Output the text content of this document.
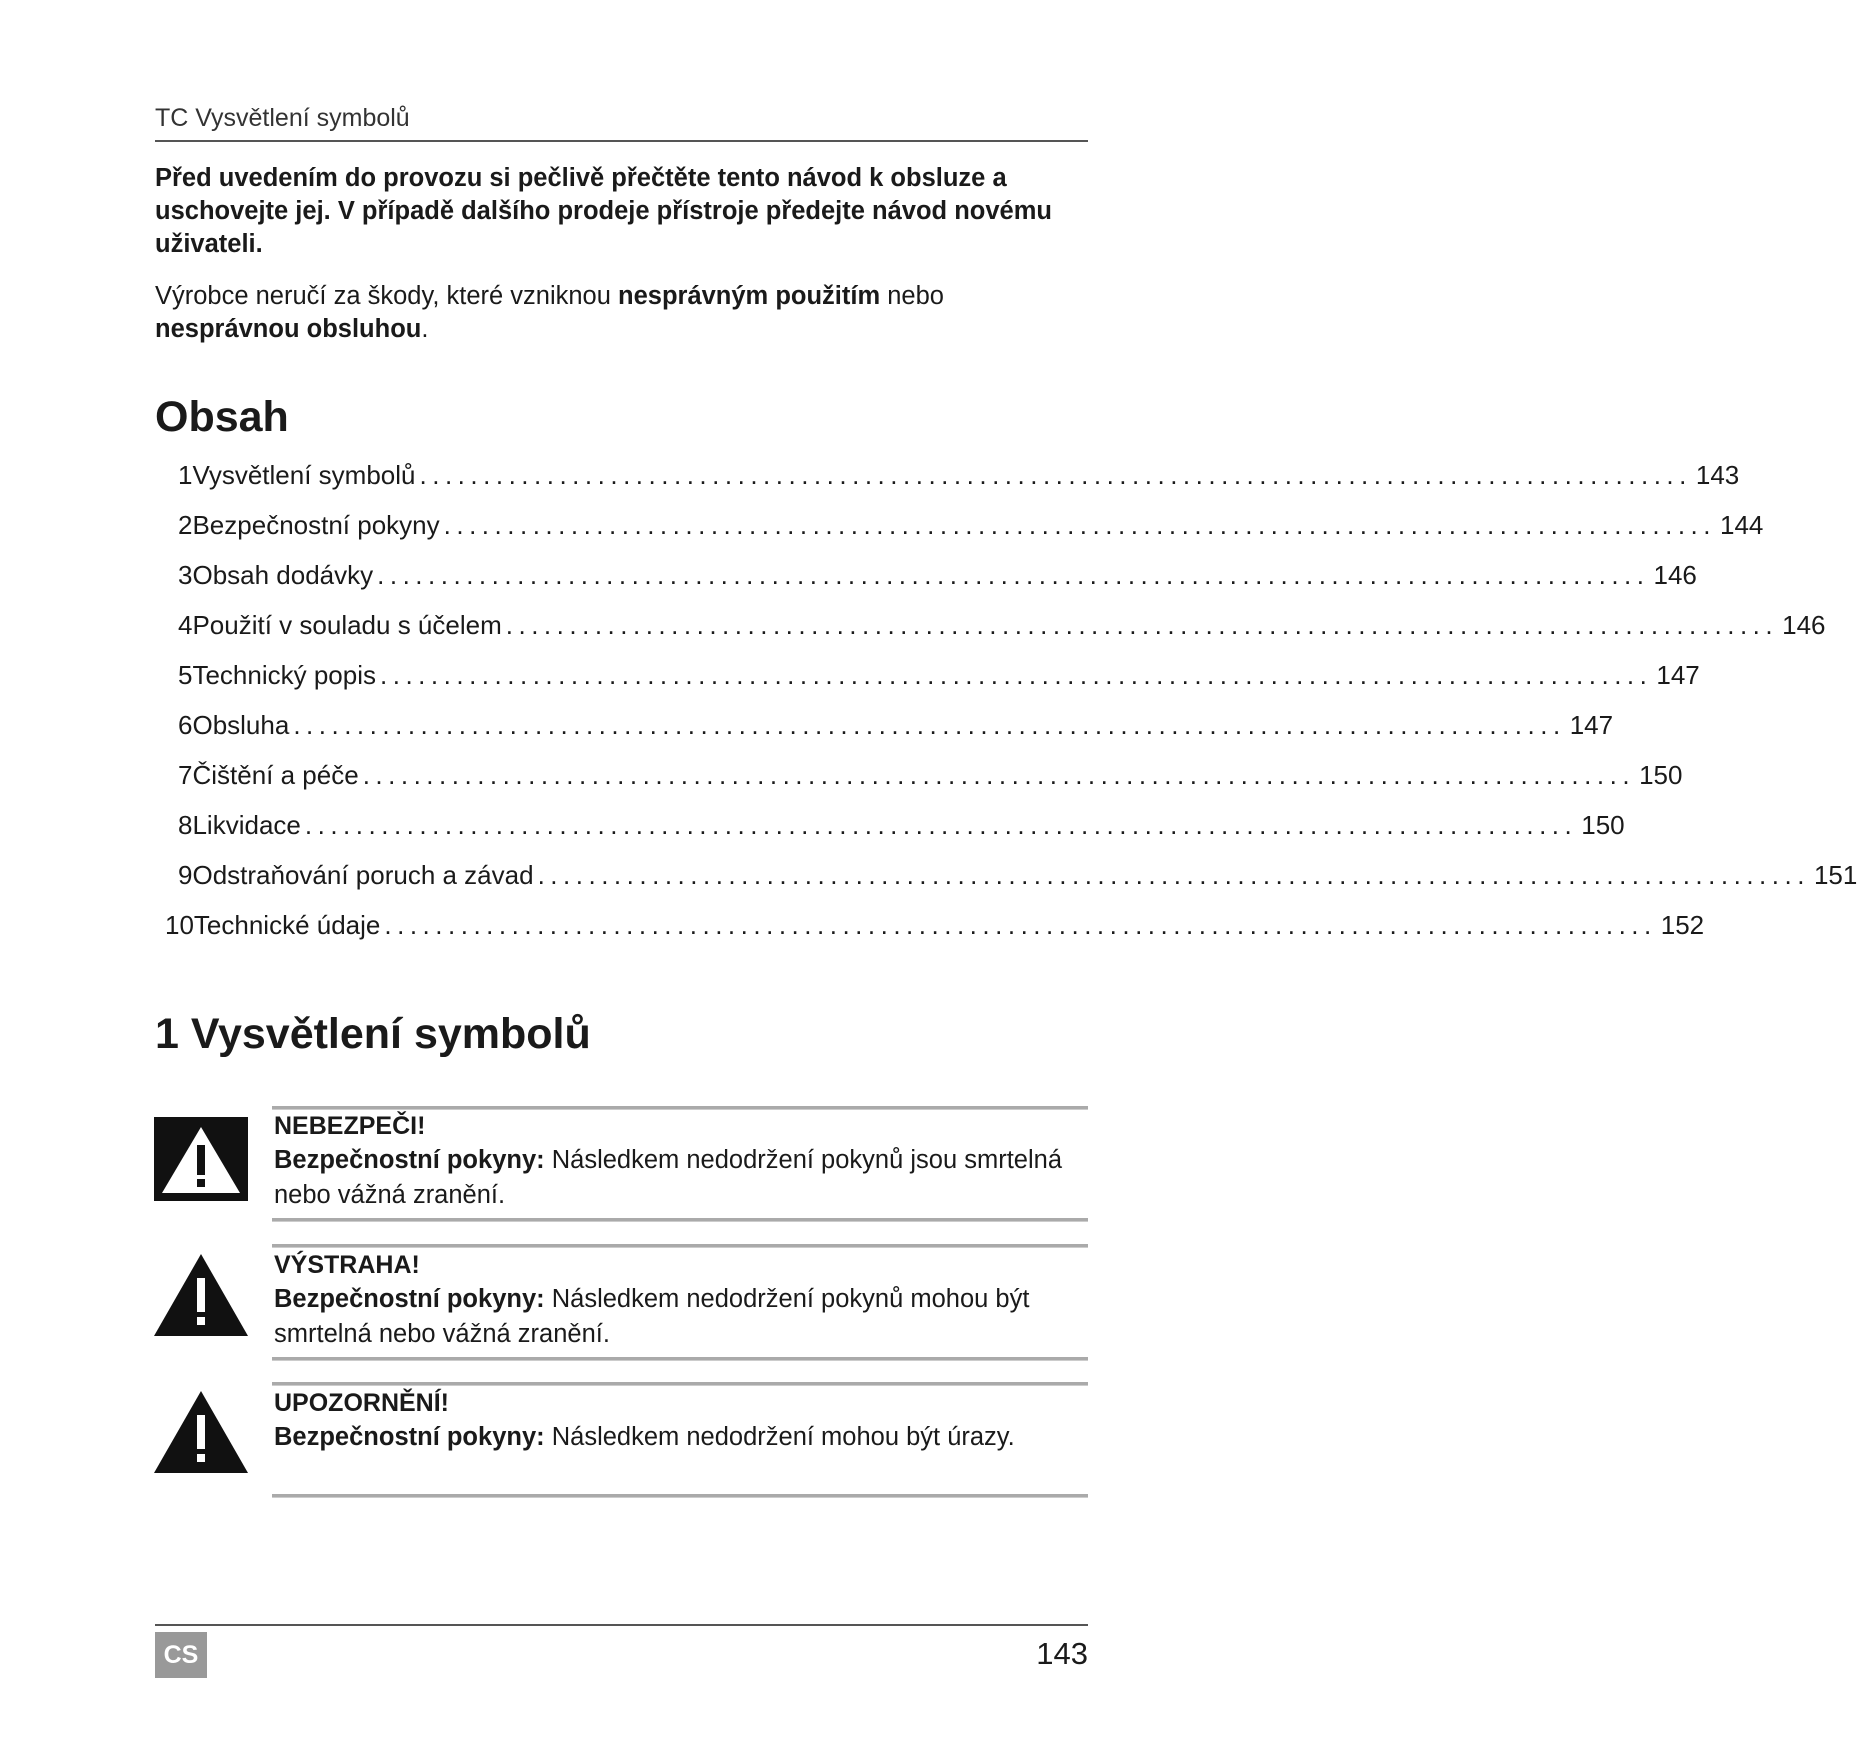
TC Vysvětlení symbolů

Před uvedením do provozu si pečlivě přečtěte tento návod k obsluze a uschovejte jej. V případě dalšího prodeje přístroje předejte návod novému uživateli.

Výrobce neručí za škody, které vzniknou nesprávným použitím nebo
nesprávnou obsluhou.

Obsah
1 Vysvětlení symbolů .................................................................................................... 143
2 Bezpečnostní pokyny .................................................................................................... 144
3 Obsah dodávky .................................................................................................... 146
4 Použití v souladu s účelem .................................................................................................... 146
5 Technický popis .................................................................................................... 147
6 Obsluha .................................................................................................... 147
7 Čištění a péče .................................................................................................... 150
8 Likvidace .................................................................................................... 150
9 Odstraňování poruch a závad .................................................................................................... 151
10 Technické údaje .................................................................................................... 152
1 Vysvětlení symbolů
NEBEZPEČI!

Bezpečnostní pokyny: Následkem nedodržení pokynů jsou smrtelná nebo vážná zranění.

VÝSTRAHA!

Bezpečnostní pokyny: Následkem nedodržení pokynů mohou být smrtelná nebo vážná zranění.

UPOZORNĚNÍ!

Bezpečnostní pokyny: Následkem nedodržení mohou být úrazy.

CS	143
